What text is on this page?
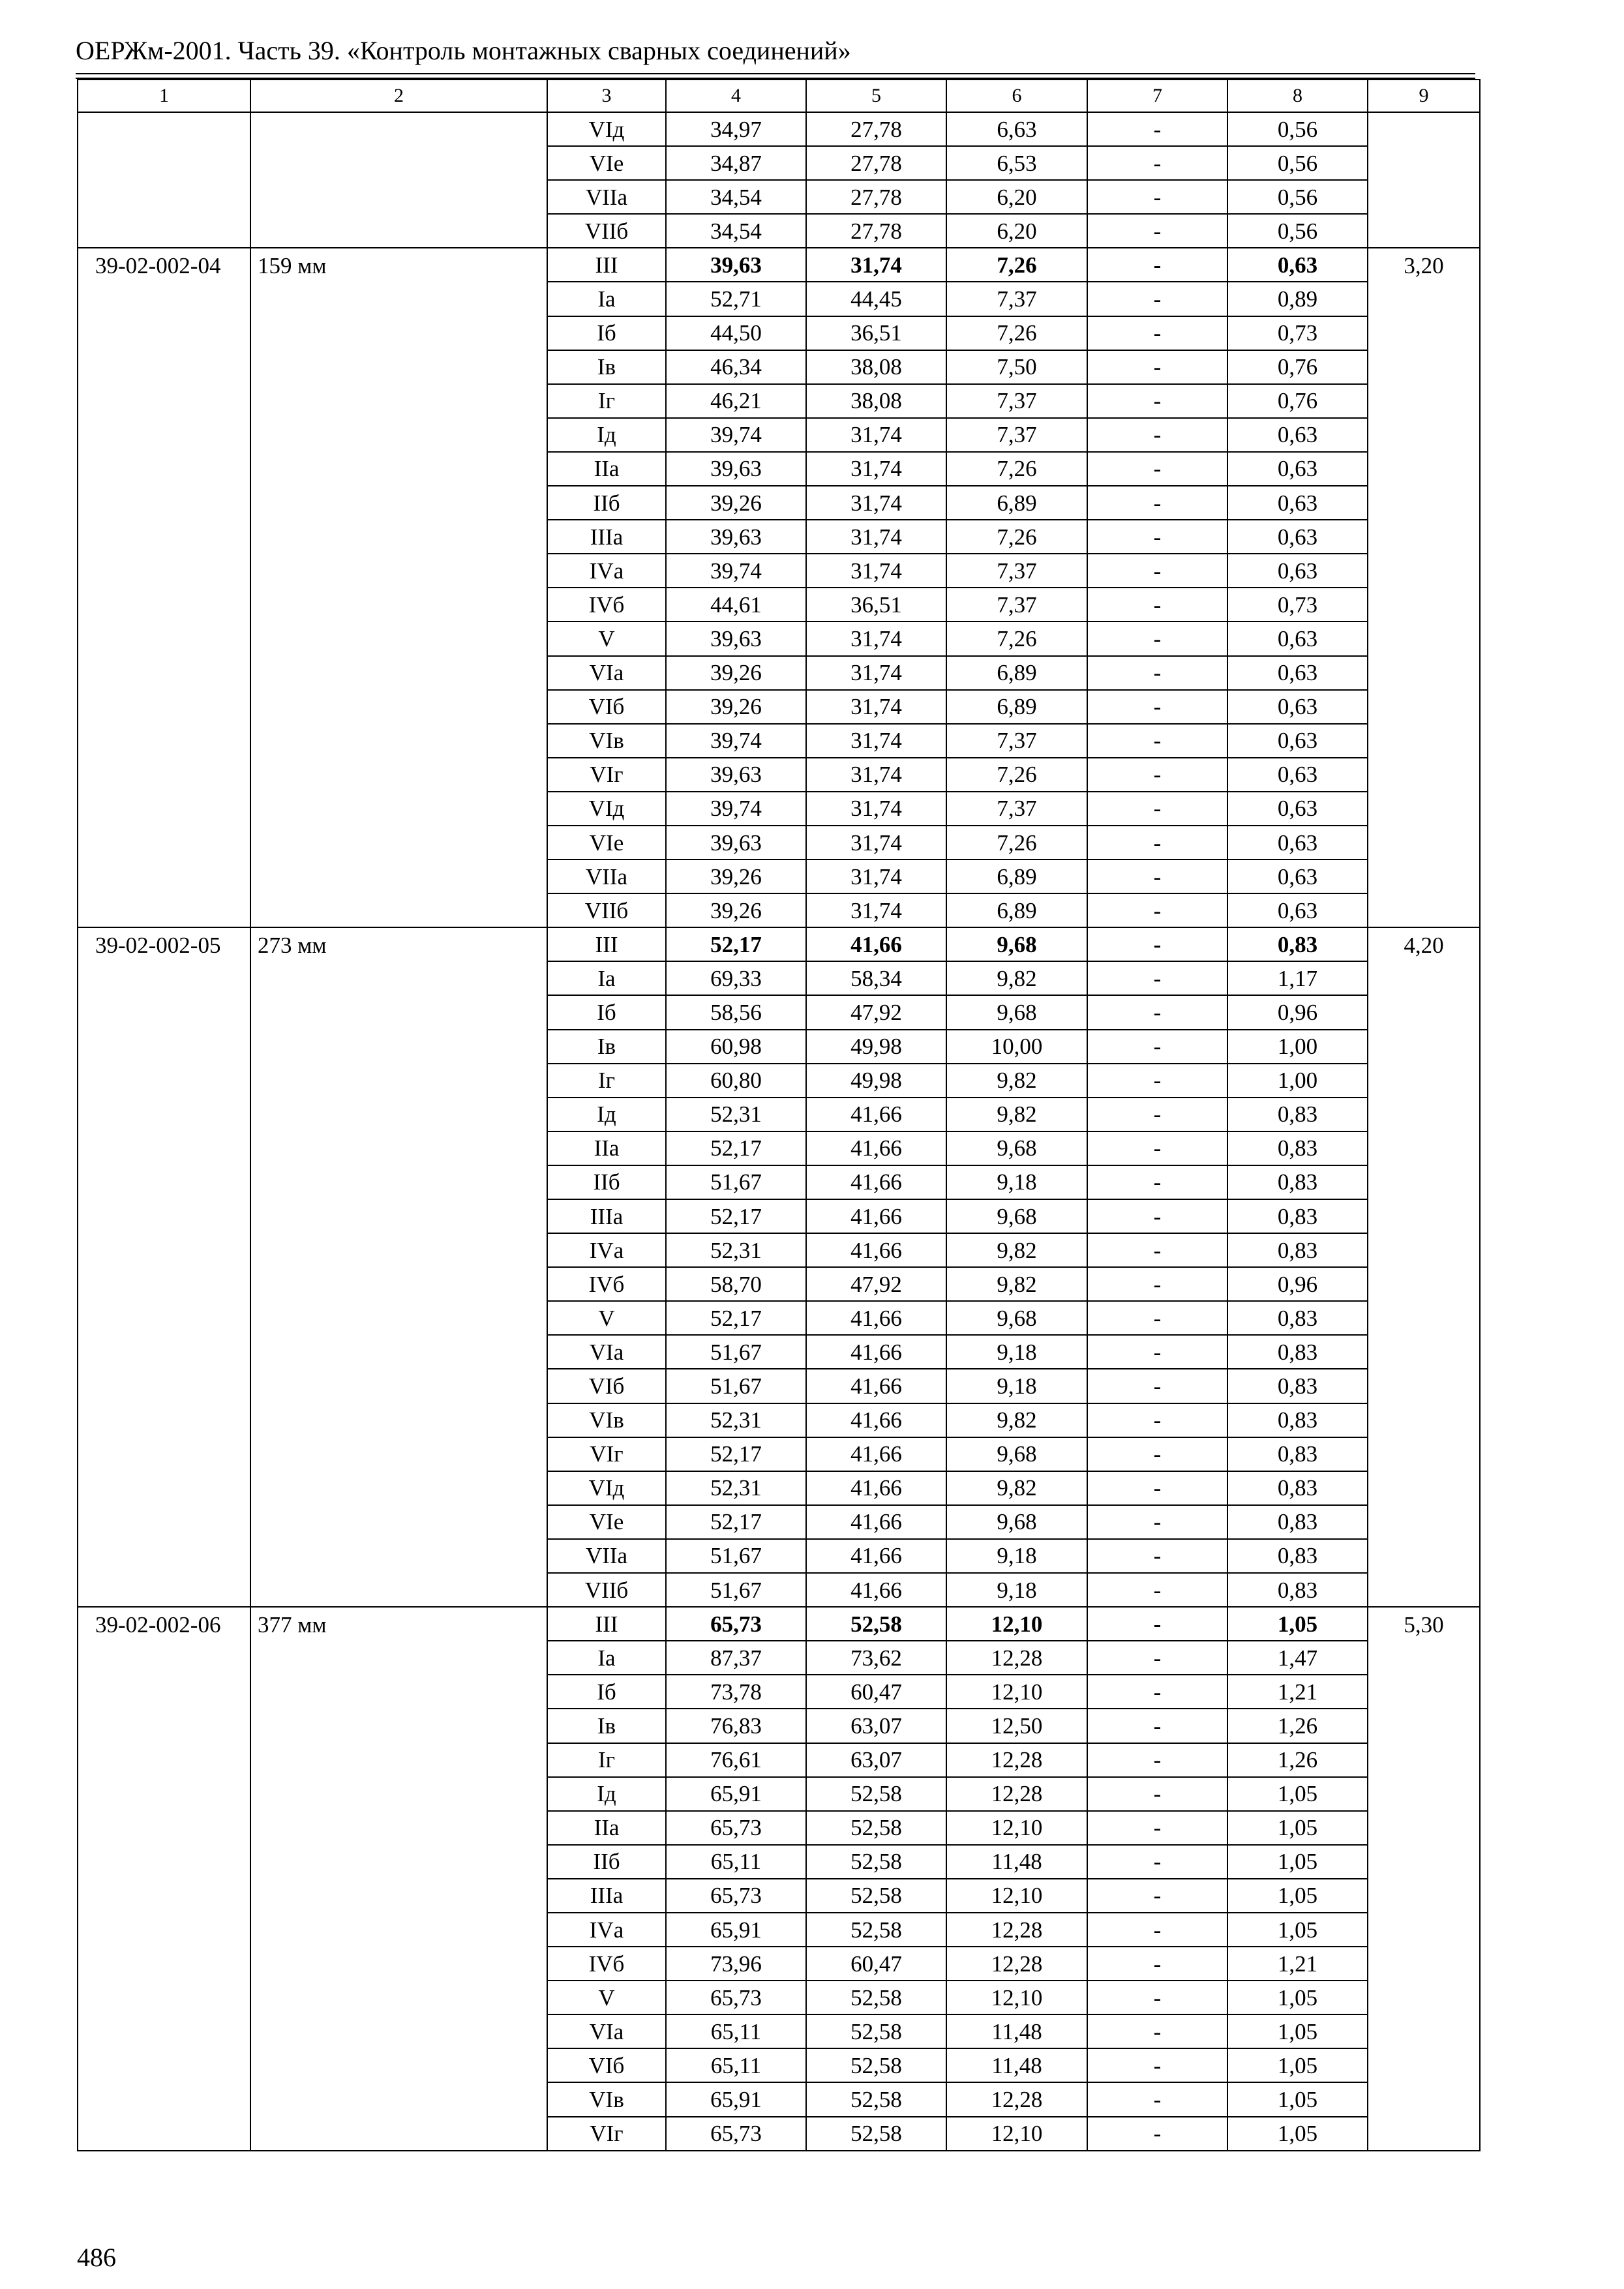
ОЕРЖм-2001. Часть 39. «Контроль монтажных сварных соединений»
1	2	3	4	5	6	7	8	9
		VIд	34,97	27,78	6,63	-	0,56	
		VIе	34,87	27,78	6,53	-	0,56	
		VIIа	34,54	27,78	6,20	-	0,56	
		VIIб	34,54	27,78	6,20	-	0,56	
39-02-002-04	159 мм	III	39,63	31,74	7,26	-	0,63	3,20
		Iа	52,71	44,45	7,37	-	0,89	
		Iб	44,50	36,51	7,26	-	0,73	
		Iв	46,34	38,08	7,50	-	0,76	
		Iг	46,21	38,08	7,37	-	0,76	
		Iд	39,74	31,74	7,37	-	0,63	
		IIа	39,63	31,74	7,26	-	0,63	
		IIб	39,26	31,74	6,89	-	0,63	
		IIIа	39,63	31,74	7,26	-	0,63	
		IVа	39,74	31,74	7,37	-	0,63	
		IVб	44,61	36,51	7,37	-	0,73	
		V	39,63	31,74	7,26	-	0,63	
		VIа	39,26	31,74	6,89	-	0,63	
		VIб	39,26	31,74	6,89	-	0,63	
		VIв	39,74	31,74	7,37	-	0,63	
		VIг	39,63	31,74	7,26	-	0,63	
		VIд	39,74	31,74	7,37	-	0,63	
		VIе	39,63	31,74	7,26	-	0,63	
		VIIа	39,26	31,74	6,89	-	0,63	
		VIIб	39,26	31,74	6,89	-	0,63	
39-02-002-05	273 мм	III	52,17	41,66	9,68	-	0,83	4,20
		Iа	69,33	58,34	9,82	-	1,17	
		Iб	58,56	47,92	9,68	-	0,96	
		Iв	60,98	49,98	10,00	-	1,00	
		Iг	60,80	49,98	9,82	-	1,00	
		Iд	52,31	41,66	9,82	-	0,83	
		IIа	52,17	41,66	9,68	-	0,83	
		IIб	51,67	41,66	9,18	-	0,83	
		IIIа	52,17	41,66	9,68	-	0,83	
		IVа	52,31	41,66	9,82	-	0,83	
		IVб	58,70	47,92	9,82	-	0,96	
		V	52,17	41,66	9,68	-	0,83	
		VIа	51,67	41,66	9,18	-	0,83	
		VIб	51,67	41,66	9,18	-	0,83	
		VIв	52,31	41,66	9,82	-	0,83	
		VIг	52,17	41,66	9,68	-	0,83	
		VIд	52,31	41,66	9,82	-	0,83	
		VIе	52,17	41,66	9,68	-	0,83	
		VIIа	51,67	41,66	9,18	-	0,83	
		VIIб	51,67	41,66	9,18	-	0,83	
39-02-002-06	377 мм	III	65,73	52,58	12,10	-	1,05	5,30
		Iа	87,37	73,62	12,28	-	1,47	
		Iб	73,78	60,47	12,10	-	1,21	
		Iв	76,83	63,07	12,50	-	1,26	
		Iг	76,61	63,07	12,28	-	1,26	
		Iд	65,91	52,58	12,28	-	1,05	
		IIа	65,73	52,58	12,10	-	1,05	
		IIб	65,11	52,58	11,48	-	1,05	
		IIIа	65,73	52,58	12,10	-	1,05	
		IVа	65,91	52,58	12,28	-	1,05	
		IVб	73,96	60,47	12,28	-	1,21	
		V	65,73	52,58	12,10	-	1,05	
		VIа	65,11	52,58	11,48	-	1,05	
		VIб	65,11	52,58	11,48	-	1,05	
		VIв	65,91	52,58	12,28	-	1,05	
		VIг	65,73	52,58	12,10	-	1,05	
486
